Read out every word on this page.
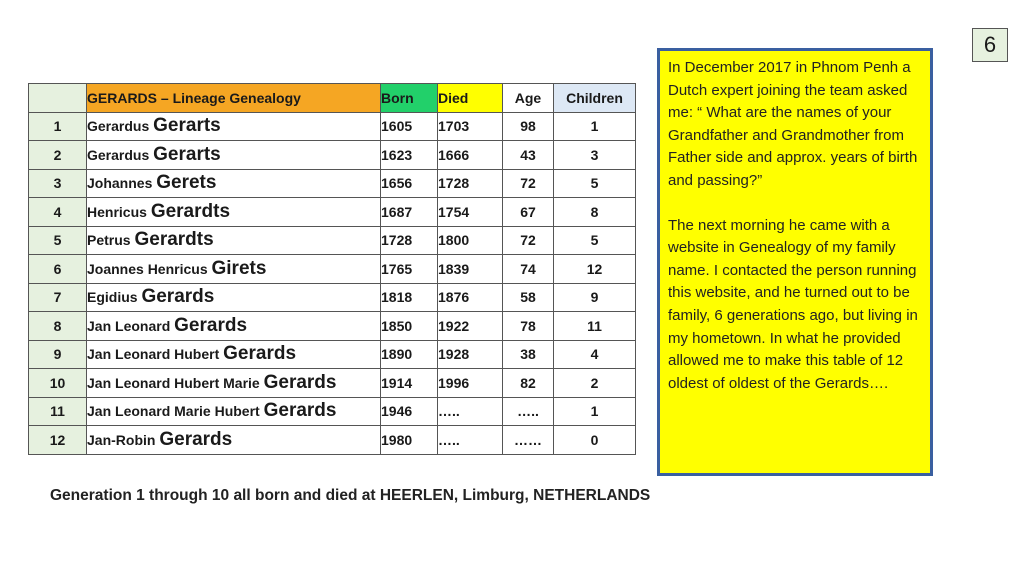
6
	GERARDS – Lineage Genealogy	Born	Died	Age	Children
1	Gerardus Gerarts	1605	1703	98	1
2	Gerardus Gerarts	1623	1666	43	3
3	Johannes Gerets	1656	1728	72	5
4	Henricus Gerardts	1687	1754	67	8
5	Petrus Gerardts	1728	1800	72	5
6	Joannes Henricus Girets	1765	1839	74	12
7	Egidius Gerards	1818	1876	58	9
8	Jan Leonard Gerards	1850	1922	78	11
9	Jan Leonard Hubert Gerards	1890	1928	38	4
10	Jan Leonard Hubert Marie Gerards	1914	1996	82	2
11	Jan Leonard Marie Hubert Gerards	1946	…..	…..	1
12	Jan-Robin Gerards	1980	…..	……	0
Generation 1 through 10 all born and died at HEERLEN, Limburg, NETHERLANDS

In December 2017 in Phnom Penh a Dutch expert joining the team asked me: “ What are the names of your Grandfather and Grandmother from Father side and approx. years of birth and passing?”

The next morning he came with a website in Genealogy of my family name. I contacted the person running this website, and he turned out to be family, 6 generations ago, but living in my hometown. In what he provided allowed me to make this table of 12 oldest of oldest of the Gerards….
